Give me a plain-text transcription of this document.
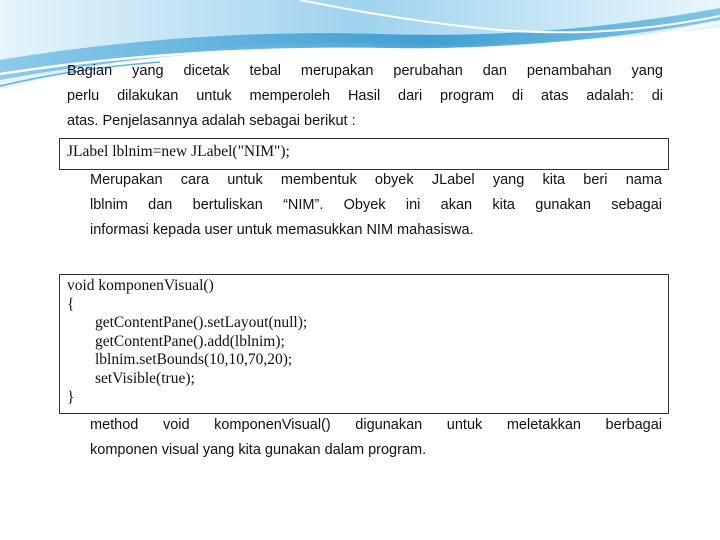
Bagian yang dicetak tebal merupakan perubahan dan penambahan yang
perlu dilakukan untuk memperoleh Hasil dari program di atas adalah: di
atas. Penjelasannya adalah sebagai berikut :

JLabel lblnim=new JLabel("NIM");

Merupakan cara untuk membentuk obyek JLabel yang kita beri nama
lblnim dan bertuliskan “NIM”. Obyek ini akan kita gunakan sebagai
informasi kepada user untuk memasukkan NIM mahasiswa.

void komponenVisual()
{
getContentPane().setLayout(null);
getContentPane().add(lblnim);
lblnim.setBounds(10,10,70,20);
setVisible(true);
}

method void komponenVisual() digunakan untuk meletakkan berbagai
komponen visual yang kita gunakan dalam program.
